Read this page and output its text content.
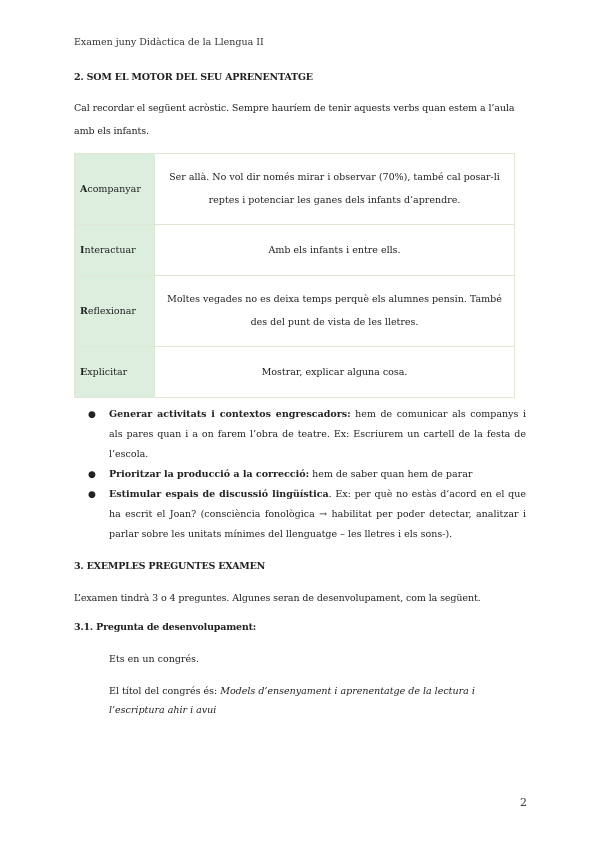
Examen juny Didàctica de la Llengua II
2. SOM EL MOTOR DEL SEU APRENENTATGE
Cal recordar el següent acròstic. Sempre hauríem de tenir aquests verbs quan estem a l’aula amb els infants.
Acompanyar	Ser allà. No vol dir només mirar i observar (70%), també cal posar-li reptes i potenciar les ganes dels infants d’aprendre.
Interactuar	Amb els infants i entre ells.
Reflexionar	Moltes vegades no es deixa temps perquè els alumnes pensin. També des del punt de vista de les lletres.
Explicitar	Mostrar, explicar alguna cosa.
● Generar activitats i contextos engrescadors: hem de comunicar als companys i als pares quan i a on farem l’obra de teatre. Ex: Escriurem un cartell de la festa de l’escola.
● Prioritzar la producció a la correcció: hem de saber quan hem de parar
● Estimular espais de discussió lingüística. Ex: per què no estàs d’acord en el que ha escrit el Joan? (consciència fonològica → habilitat per poder detectar, analitzar i parlar sobre les unitats mínimes del llenguatge – les lletres i els sons-).
3. EXEMPLES PREGUNTES EXAMEN
L’examen tindrà 3 o 4 preguntes. Algunes seran de desenvolupament, com la següent.
3.1. Pregunta de desenvolupament:
Ets en un congrés.
El títol del congrés és: Models d’ensenyament i aprenentatge de la lectura i l’escriptura ahir i avui
2
